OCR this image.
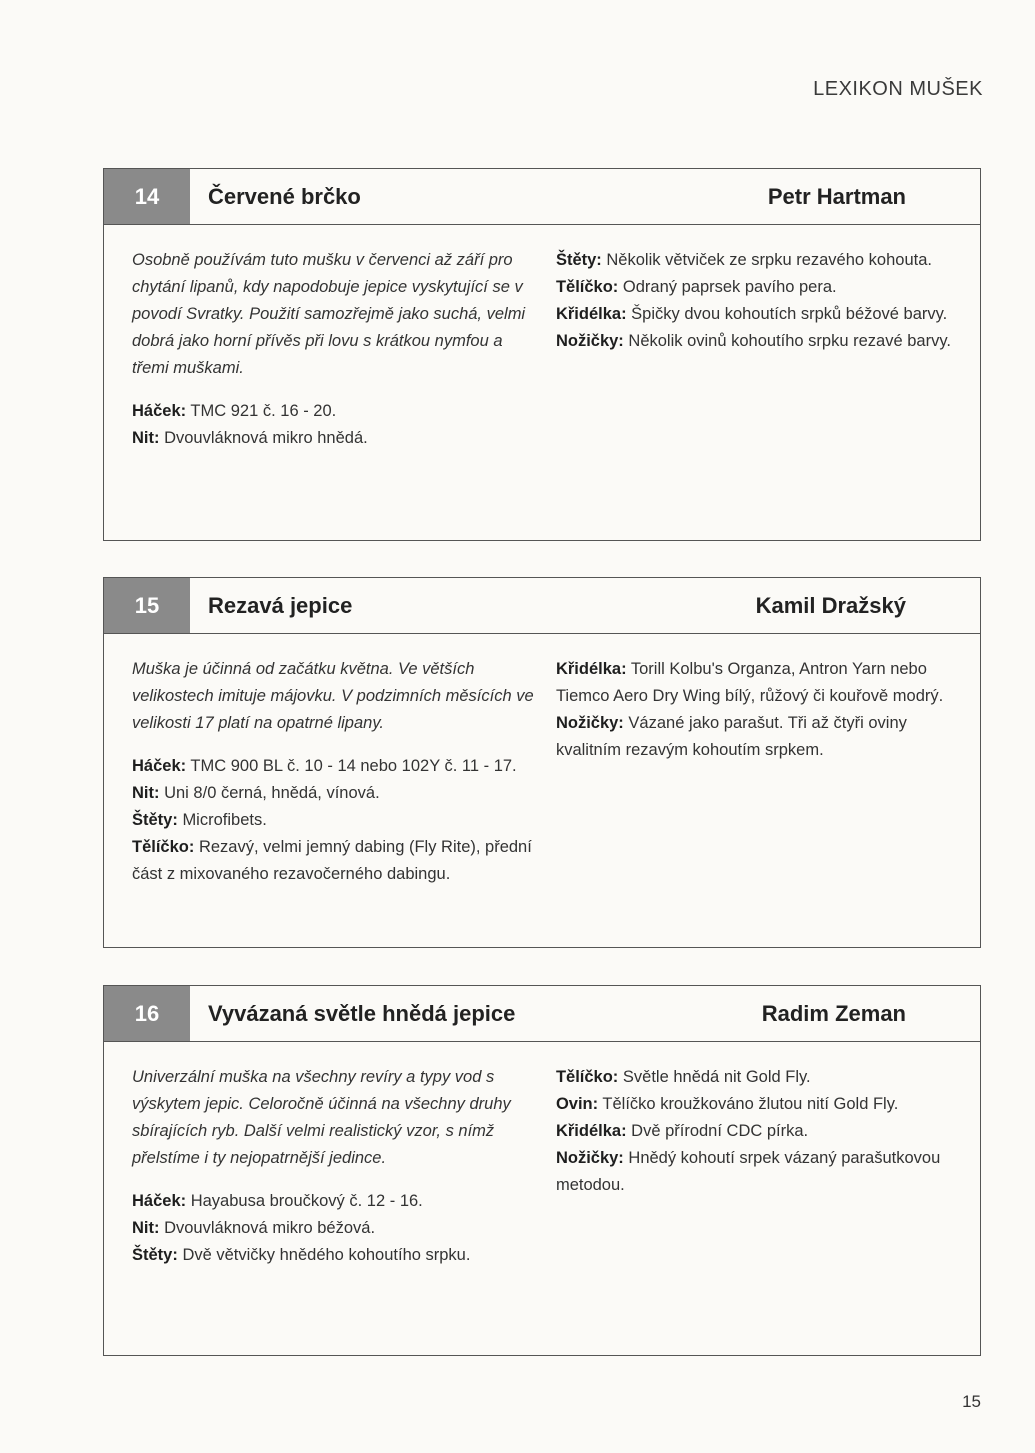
LEXIKON MUŠEK
14	Červené brčko	Petr Hartman

Osobně používám tuto mušku v červenci až září pro chytání lipanů, kdy napodobuje jepice vyskytující se v povodí Svratky. Použití samozřejmě jako suchá, velmi dobrá jako horní přívěs při lovu s krátkou nymfou a třemi muškami.

Háček: TMC 921 č. 16 - 20.

Nit: Dvouvláknová mikro hnědá.

Štěty: Několik větviček ze srpku rezavého kohouta.

Tělíčko: Odraný paprsek pavího pera.

Křidélka: Špičky dvou kohoutích srpků béžové barvy.

Nožičky: Několik ovinů kohoutího srpku rezavé barvy.

15	Rezavá jepice	Kamil Dražský

Muška je účinná od začátku května. Ve větších velikostech imituje májovku. V podzimních měsících ve velikosti 17 platí na opatrné lipany.

Háček: TMC 900 BL č. 10 - 14 nebo 102Y č. 11 - 17.

Nit: Uni 8/0 černá, hnědá, vínová.

Štěty: Microfibets.

Tělíčko: Rezavý, velmi jemný dabing (Fly Rite), přední část z mixovaného rezavočerného dabingu.

Křidélka: Torill Kolbu's Organza, Antron Yarn nebo Tiemco Aero Dry Wing bílý, růžový či kouřově modrý.

Nožičky: Vázané jako parašut. Tři až čtyři oviny kvalitním rezavým kohoutím srpkem.

16	Vyvázaná světle hnědá jepice	Radim Zeman

Univerzální muška na všechny revíry a typy vod s výskytem jepic. Celoročně účinná na všechny druhy sbírajících ryb. Další velmi realistický vzor, s nímž přelstíme i ty nejopatrnější jedince.

Háček: Hayabusa broučkový č. 12 - 16.

Nit: Dvouvláknová mikro béžová.

Štěty: Dvě větvičky hnědého kohoutího srpku.

Tělíčko: Světle hnědá nit Gold Fly.

Ovin: Tělíčko kroužkováno žlutou nití Gold Fly.

Křidélka: Dvě přírodní CDC pírka.

Nožičky: Hnědý kohoutí srpek vázaný parašutkovou metodou.

15
